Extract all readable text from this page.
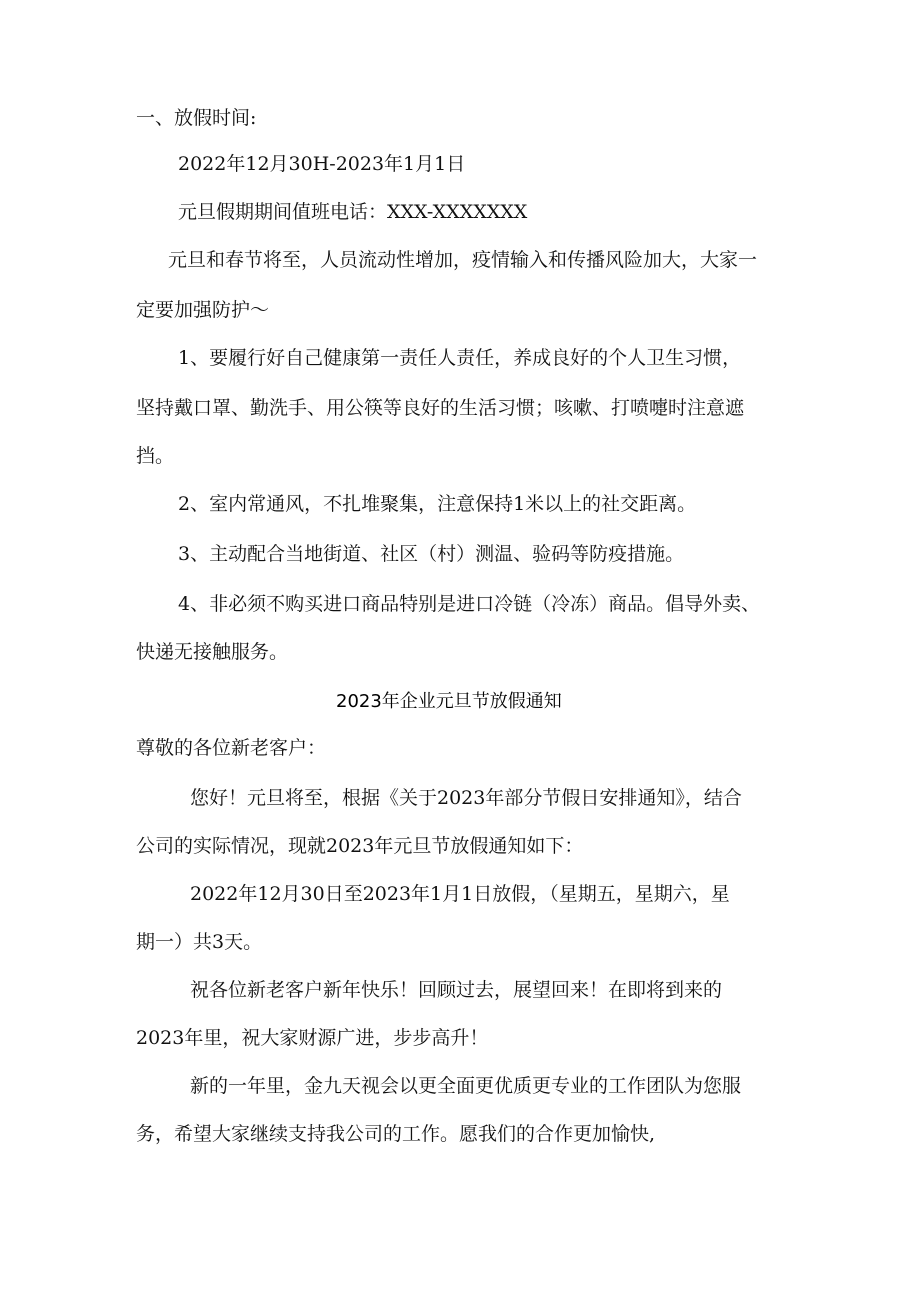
一、放假时间:
2022年12月30H-2023年1月1日
元旦假期期间值班电话：XXX-XXXXXXX
元旦和春节将至，人员流动性增加，疫情输入和传播风险加大，大家一
定要加强防护～
1、要履行好自己健康第一责任人责任，养成良好的个人卫生习惯，
坚持戴口罩、勤洗手、用公筷等良好的生活习惯；咳嗽、打喷嚏时注意遮
挡。
2、室内常通风，不扎堆聚集，注意保持1米以上的社交距离。
3、主动配合当地街道、社区（村）测温、验码等防疫措施。
4、非必须不购买进口商品特别是进口冷链（冷冻）商品。倡导外卖、
快递无接触服务。
2023年企业元旦节放假通知
尊敬的各位新老客户：
您好！元旦将至，根据《关于2023年部分节假日安排通知》，结合
公司的实际情况，现就2023年元旦节放假通知如下：
2022年12月30日至2023年1月1日放假，（星期五，星期六，星
期一）共3天。
祝各位新老客户新年快乐！回顾过去，展望回来！在即将到来的
2023年里，祝大家财源广进，步步高升！
新的一年里，金九天视会以更全面更优质更专业的工作团队为您服
务，希望大家继续支持我公司的工作。愿我们的合作更加愉快,
